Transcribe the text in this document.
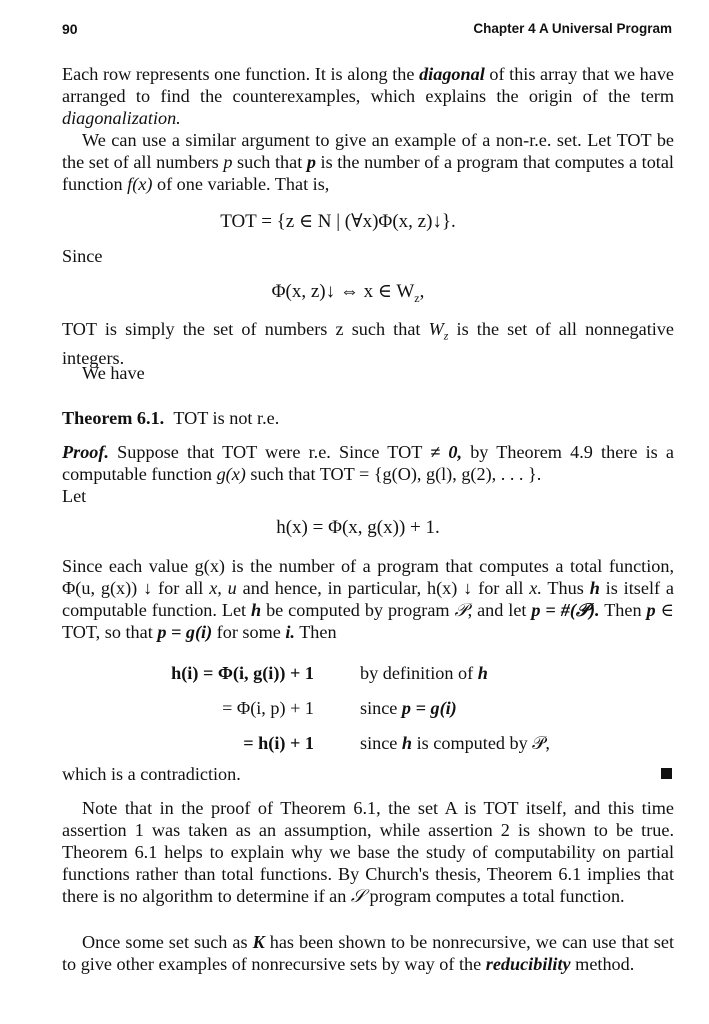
90	Chapter 4 A Universal Program

Each row represents one function. It is along the diagonal of this array that we have arranged to find the counterexamples, which explains the origin of the term diagonalization.

We can use a similar argument to give an example of a non-r.e. set. Let TOT be the set of all numbers p such that p is the number of a program that computes a total function f(x) of one variable. That is,

TOT = {z ∈ N | (∀x)Φ(x, z)↓}.

Since

Φ(x, z)↓ ⇔ x ∈ $W_z$,

TOT is simply the set of numbers z such that $W_z$ is the set of all nonnegative integers.

We have

Theorem 6.1. TOT is not r.e.

Proof. Suppose that TOT were r.e. Since TOT ≠ 0, by Theorem 4.9 there is a computable function g(x) such that TOT = {g(O), g(l), g(2), . . . }.
Let

h(x) = Φ(x, g(x)) + 1.

Since each value g(x) is the number of a program that computes a total function, Φ(u, g(x)) ↓ for all x, u and hence, in particular, h(x) ↓ for all x. Thus h is itself a computable function. Let h be computed by program 𝒫, and let p = #(𝒫). Then p ∈ TOT, so that p = g(i) for some i. Then

h(i) = Φ(i, g(i)) + 1	by definition of h
= Φ(i, p) + 1	since p = g(i)
= h(i) + 1	since h is computed by 𝒫,

which is a contradiction.

Note that in the proof of Theorem 6.1, the set A is TOT itself, and this time assertion 1 was taken as an assumption, while assertion 2 is shown to be true. Theorem 6.1 helps to explain why we base the study of computability on partial functions rather than total functions. By Church's thesis, Theorem 6.1 implies that there is no algorithm to determine if an 𝒮 program computes a total function.

Once some set such as K has been shown to be nonrecursive, we can use that set to give other examples of nonrecursive sets by way of the reducibility method.
